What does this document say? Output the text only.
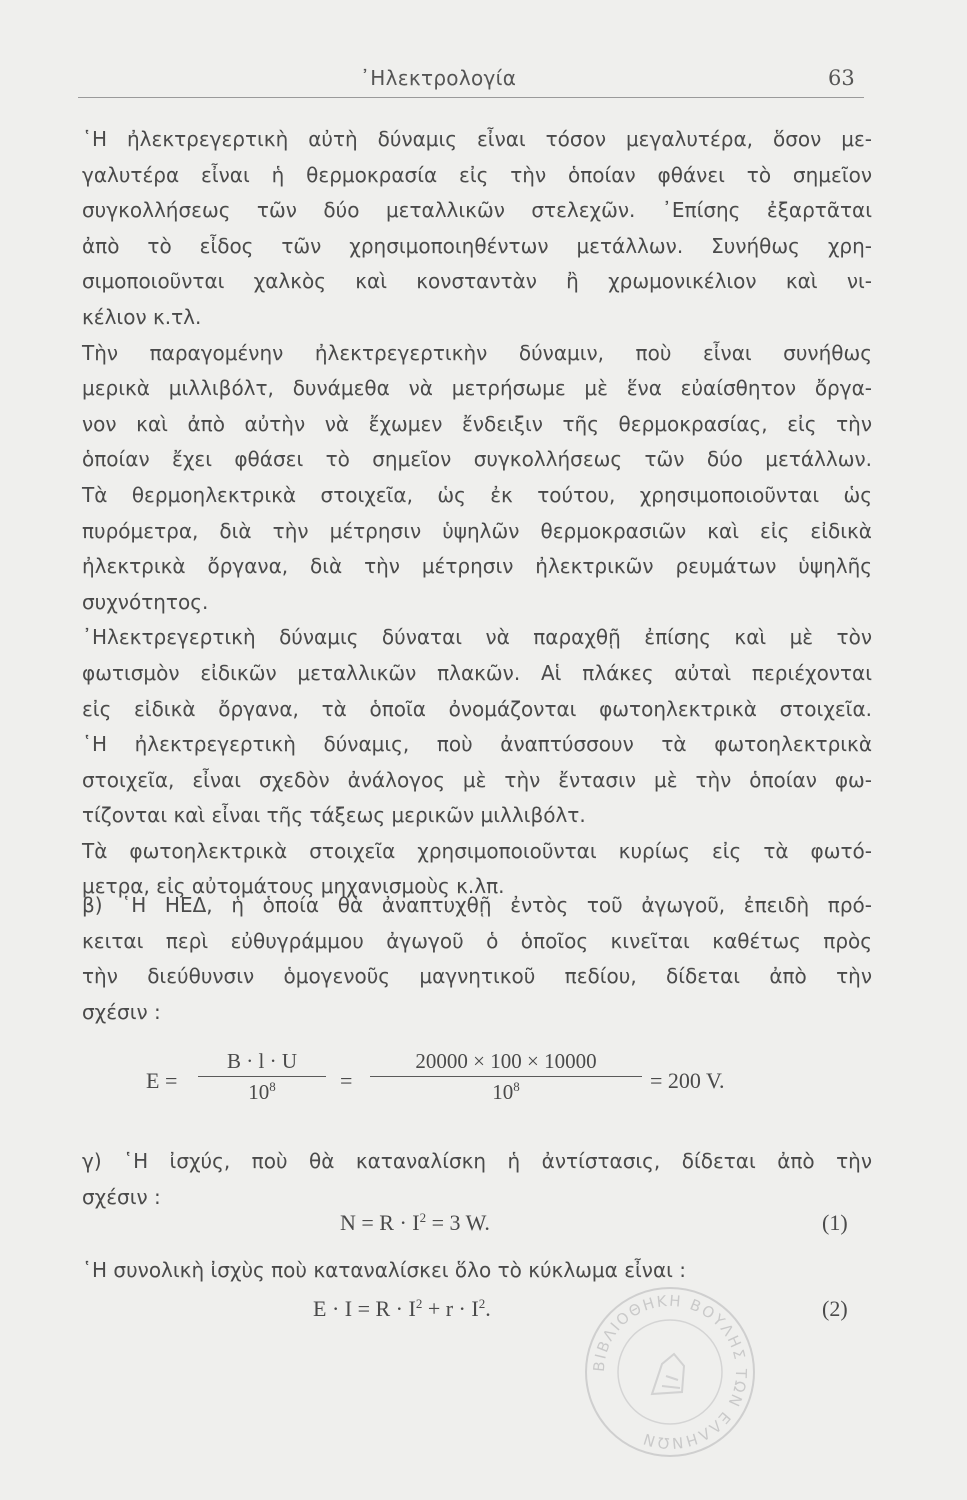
᾿Ηλεκτρολογία	63
῾Η ἠλεκτρεγερτικὴ αὐτὴ δύναμις εἶναι τόσον μεγαλυτέρα, ὅσον με-
γαλυτέρα εἶναι ἡ θερμοκρασία εἰς τὴν ὁποίαν φθάνει τὸ σημεῖον
συγκολλήσεως τῶν δύο μεταλλικῶν στελεχῶν. ᾿Επίσης ἐξαρτᾶται
ἀπὸ τὸ εἶδος τῶν χρησιμοποιηθέντων μετάλλων. Συνήθως χρη-
σιμοποιοῦνται χαλκὸς καὶ κονσταντὰν ἢ χρωμονικέλιον καὶ νι-
κέλιον κ.τλ.
Τὴν παραγομένην ἠλεκτρεγερτικὴν δύναμιν, ποὺ εἶναι συνήθως
μερικὰ μιλλιβόλτ, δυνάμεθα νὰ μετρήσωμε μὲ ἕνα εὐαίσθητον ὄργα-
νον καὶ ἀπὸ αὐτὴν νὰ ἔχωμεν ἔνδειξιν τῆς θερμοκρασίας, εἰς τὴν
ὁποίαν ἔχει φθάσει τὸ σημεῖον συγκολλήσεως τῶν δύο μετάλλων.
Τὰ θερμοηλεκτρικὰ στοιχεῖα, ὡς ἐκ τούτου, χρησιμοποιοῦνται ὡς
πυρόμετρα, διὰ τὴν μέτρησιν ὑψηλῶν θερμοκρασιῶν καὶ εἰς εἰδικὰ
ἠλεκτρικὰ ὄργανα, διὰ τὴν μέτρησιν ἠλεκτρικῶν ρευμάτων ὑψηλῆς
συχνότητος.
᾿Ηλεκτρεγερτικὴ δύναμις δύναται νὰ παραχθῇ ἐπίσης καὶ μὲ τὸν
φωτισμὸν εἰδικῶν μεταλλικῶν πλακῶν. Αἱ πλάκες αὐταὶ περιέχονται
εἰς εἰδικὰ ὄργανα, τὰ ὁποῖα ὀνομάζονται φωτοηλεκτρικὰ στοιχεῖα.
῾Η ἠλεκτρεγερτικὴ δύναμις, ποὺ ἀναπτύσσουν τὰ φωτοηλεκτρικὰ
στοιχεῖα, εἶναι σχεδὸν ἀνάλογος μὲ τὴν ἔντασιν μὲ τὴν ὁποίαν φω-
τίζονται καὶ εἶναι τῆς τάξεως μερικῶν μιλλιβόλτ.
Τὰ φωτοηλεκτρικὰ στοιχεῖα χρησιμοποιοῦνται κυρίως εἰς τὰ φωτό-
μετρα, εἰς αὐτομάτους μηχανισμοὺς κ.λπ.
β) ῾Η ΗΕΔ, ἡ ὁποία θὰ ἀναπτυχθῇ ἐντὸς τοῦ ἀγωγοῦ, ἐπειδὴ πρό-
κειται περὶ εὐθυγράμμου ἀγωγοῦ ὁ ὁποῖος κινεῖται καθέτως πρὸς
τὴν διεύθυνσιν ὁμογενοῦς μαγνητικοῦ πεδίου, δίδεται ἀπὸ τὴν
σχέσιν :
E =
B · l · U
$10^8$	=
20000 × 100 × 10000
$10^8$	= 200 V.
γ) ῾Η ἰσχύς, ποὺ θὰ καταναλίσκη ἡ ἀντίστασις, δίδεται ἀπὸ τὴν
σχέσιν :
$N = R \cdot I^2 = 3$ W.	(1)
῾Η συνολικὴ ἰσχὺς ποὺ καταναλίσκει ὅλο τὸ κύκλωμα εἶναι :
$E \cdot I = R \cdot I^2 + r \cdot I^2$.	(2)
ΒΙΒΛΙΟΘΗΚΗ ΒΟΥΛΗΣ ΤΩΝ ΕΛΛΗΝΩΝ
